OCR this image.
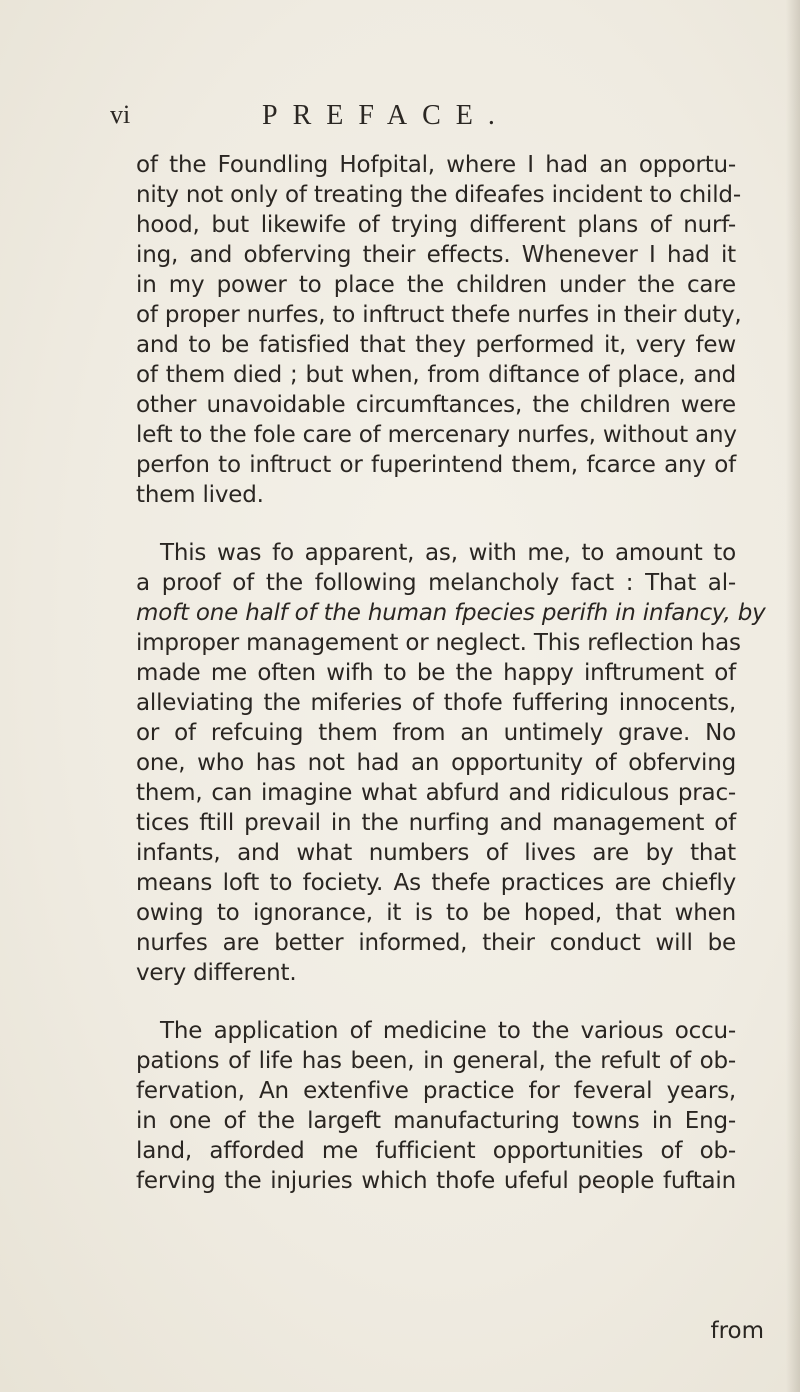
vi	PREFACE.
of the Foundling Hofpital, where I had an opportu-
nity not only of treating the difeafes incident to child-
hood, but likewife of trying different plans of nurf-
ing, and obferving their effects. Whenever I had it
in my power to place the children under the care
of proper nurfes, to inftruct thefe nurfes in their duty,
and to be fatisfied that they performed it, very few
of them died ; but when, from diftance of place, and
other unavoidable circumftances, the children were
left to the fole care of mercenary nurfes, without any
perfon to inftruct or fuperintend them, fcarce any of
them lived.
This was fo apparent, as, with me, to amount to
a proof of the following melancholy fact : That al-
moft one half of the human fpecies perifh in infancy, by
improper management or neglect. This reflection has
made me often wifh to be the happy inftrument of
alleviating the miferies of thofe fuffering innocents,
or of refcuing them from an untimely grave. No
one, who has not had an opportunity of obferving
them, can imagine what abfurd and ridiculous prac-
tices ftill prevail in the nurfing and management of
infants, and what numbers of lives are by that
means loft to fociety. As thefe practices are chiefly
owing to ignorance, it is to be hoped, that when
nurfes are better informed, their conduct will be
very different.
The application of medicine to the various occu-
pations of life has been, in general, the refult of ob-
fervation, An extenfive practice for feveral years,
in one of the largeft manufacturing towns in Eng-
land, afforded me fufficient opportunities of ob-
ferving the injuries which thofe ufeful people fuftain
from
